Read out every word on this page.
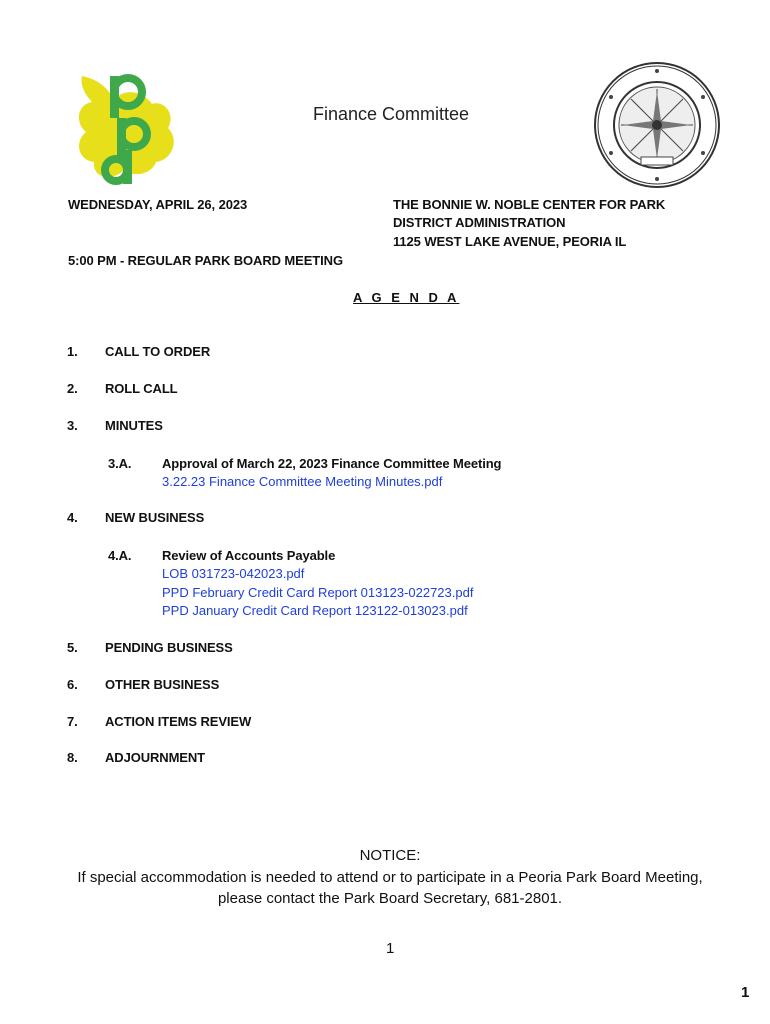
Finance Committee
WEDNESDAY, APRIL 26, 2023	THE BONNIE W. NOBLE CENTER FOR PARK
DISTRICT ADMINISTRATION
1125 WEST LAKE AVENUE, PEORIA IL
5:00 PM - REGULAR PARK BOARD MEETING
A G E N D A
1.	CALL TO ORDER
2.	ROLL CALL
3.	MINUTES
3.A. Approval of March 22, 2023 Finance Committee Meeting
3.22.23 Finance Committee Meeting Minutes.pdf
4.	NEW BUSINESS
4.A. Review of Accounts Payable
LOB 031723-042023.pdf
PPD February Credit Card Report 013123-022723.pdf
PPD January Credit Card Report 123122-013023.pdf
5.	PENDING BUSINESS
6.	OTHER BUSINESS
7.	ACTION ITEMS REVIEW
8.	ADJOURNMENT
NOTICE:
If special accommodation is needed to attend or to participate in a Peoria Park Board Meeting,
please contact the Park Board Secretary, 681-2801.
1
1
